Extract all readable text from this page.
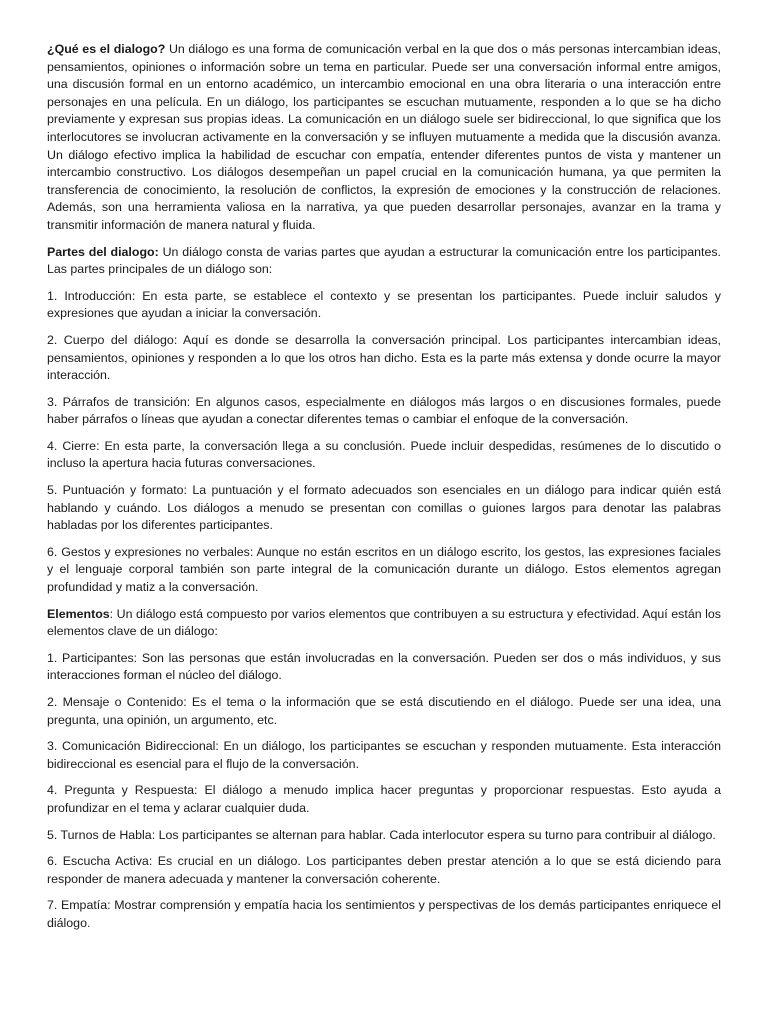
¿Qué es el dialogo? Un diálogo es una forma de comunicación verbal en la que dos o más personas intercambian ideas, pensamientos, opiniones o información sobre un tema en particular. Puede ser una conversación informal entre amigos, una discusión formal en un entorno académico, un intercambio emocional en una obra literaria o una interacción entre personajes en una película. En un diálogo, los participantes se escuchan mutuamente, responden a lo que se ha dicho previamente y expresan sus propias ideas. La comunicación en un diálogo suele ser bidireccional, lo que significa que los interlocutores se involucran activamente en la conversación y se influyen mutuamente a medida que la discusión avanza. Un diálogo efectivo implica la habilidad de escuchar con empatía, entender diferentes puntos de vista y mantener un intercambio constructivo. Los diálogos desempeñan un papel crucial en la comunicación humana, ya que permiten la transferencia de conocimiento, la resolución de conflictos, la expresión de emociones y la construcción de relaciones. Además, son una herramienta valiosa en la narrativa, ya que pueden desarrollar personajes, avanzar en la trama y transmitir información de manera natural y fluida.

Partes del dialogo: Un diálogo consta de varias partes que ayudan a estructurar la comunicación entre los participantes. Las partes principales de un diálogo son:

1. Introducción: En esta parte, se establece el contexto y se presentan los participantes. Puede incluir saludos y expresiones que ayudan a iniciar la conversación.

2. Cuerpo del diálogo: Aquí es donde se desarrolla la conversación principal. Los participantes intercambian ideas, pensamientos, opiniones y responden a lo que los otros han dicho. Esta es la parte más extensa y donde ocurre la mayor interacción.

3. Párrafos de transición: En algunos casos, especialmente en diálogos más largos o en discusiones formales, puede haber párrafos o líneas que ayudan a conectar diferentes temas o cambiar el enfoque de la conversación.

4. Cierre: En esta parte, la conversación llega a su conclusión. Puede incluir despedidas, resúmenes de lo discutido o incluso la apertura hacia futuras conversaciones.

5. Puntuación y formato: La puntuación y el formato adecuados son esenciales en un diálogo para indicar quién está hablando y cuándo. Los diálogos a menudo se presentan con comillas o guiones largos para denotar las palabras habladas por los diferentes participantes.

6. Gestos y expresiones no verbales: Aunque no están escritos en un diálogo escrito, los gestos, las expresiones faciales y el lenguaje corporal también son parte integral de la comunicación durante un diálogo. Estos elementos agregan profundidad y matiz a la conversación.

Elementos: Un diálogo está compuesto por varios elementos que contribuyen a su estructura y efectividad. Aquí están los elementos clave de un diálogo:

1. Participantes: Son las personas que están involucradas en la conversación. Pueden ser dos o más individuos, y sus interacciones forman el núcleo del diálogo.

2. Mensaje o Contenido: Es el tema o la información que se está discutiendo en el diálogo. Puede ser una idea, una pregunta, una opinión, un argumento, etc.

3. Comunicación Bidireccional: En un diálogo, los participantes se escuchan y responden mutuamente. Esta interacción bidireccional es esencial para el flujo de la conversación.

4. Pregunta y Respuesta: El diálogo a menudo implica hacer preguntas y proporcionar respuestas. Esto ayuda a profundizar en el tema y aclarar cualquier duda.

5. Turnos de Habla: Los participantes se alternan para hablar. Cada interlocutor espera su turno para contribuir al diálogo.

6. Escucha Activa: Es crucial en un diálogo. Los participantes deben prestar atención a lo que se está diciendo para responder de manera adecuada y mantener la conversación coherente.

7. Empatía: Mostrar comprensión y empatía hacia los sentimientos y perspectivas de los demás participantes enriquece el diálogo.
